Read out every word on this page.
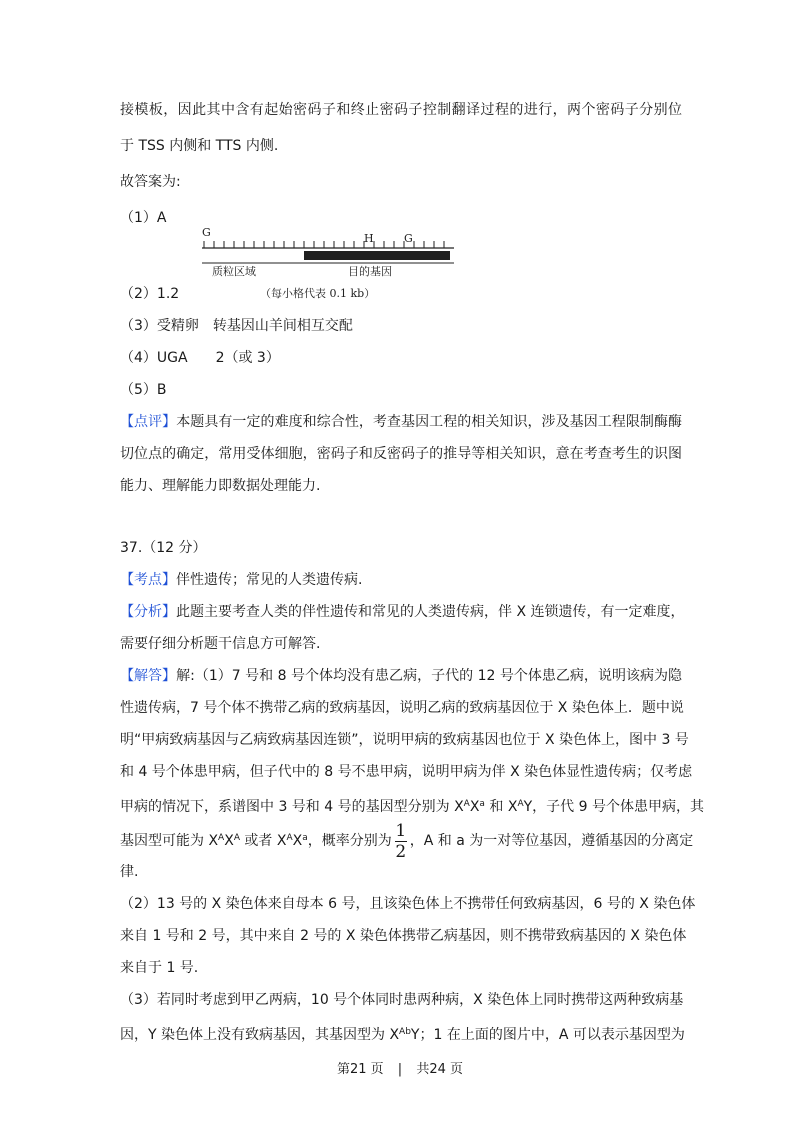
接模板，因此其中含有起始密码子和终止密码子控制翻译过程的进行，两个密码子分别位
于 TSS 内侧和 TTS 内侧.
故答案为:
（1）A
G	H	G
质粒区域	目的基因
（每小格代表 0.1 kb）
（2）1.2
（3）受精卵　转基因山羊间相互交配
（4）UGA　　2（或 3）
（5）B
【点评】本题具有一定的难度和综合性，考查基因工程的相关知识，涉及基因工程限制酶酶
切位点的确定，常用受体细胞，密码子和反密码子的推导等相关知识，意在考查考生的识图
能力、理解能力即数据处理能力.
37.（12 分）
【考点】伴性遗传；常见的人类遗传病.
【分析】此题主要考查人类的伴性遗传和常见的人类遗传病，伴 X 连锁遗传，有一定难度，
需要仔细分析题干信息方可解答.
【解答】解:（1）7 号和 8 号个体均没有患乙病，子代的 12 号个体患乙病，说明该病为隐
性遗传病，7 号个体不携带乙病的致病基因，说明乙病的致病基因位于 X 染色体上．题中说
明“甲病致病基因与乙病致病基因连锁”，说明甲病的致病基因也位于 X 染色体上，图中 3 号
和 4 号个体患甲病，但子代中的 8 号不患甲病，说明甲病为伴 X 染色体显性遗传病；仅考虑
甲病的情况下，系谱图中 3 号和 4 号的基因型分别为 $X^AX^a$ 和 $X^AY$，子代 9 号个体患甲病，其
基因型可能为 $X^AX^A$ 或者 $X^AX^a$，概率分别为 $\frac{1}{2}$ ，A 和 a 为一对等位基因，遵循基因的分离定
律.
（2）13 号的 X 染色体来自母本 6 号，且该染色体上不携带任何致病基因，6 号的 X 染色体
来自 1 号和 2 号，其中来自 2 号的 X 染色体携带乙病基因，则不携带致病基因的 X 染色体
来自于 1 号.
（3）若同时考虑到甲乙两病，10 号个体同时患两种病，X 染色体上同时携带这两种致病基
因，Y 染色体上没有致病基因，其基因型为 $X^{Ab}Y$；1 在上面的图片中，A 可以表示基因型为
第21 页 | 共24 页
